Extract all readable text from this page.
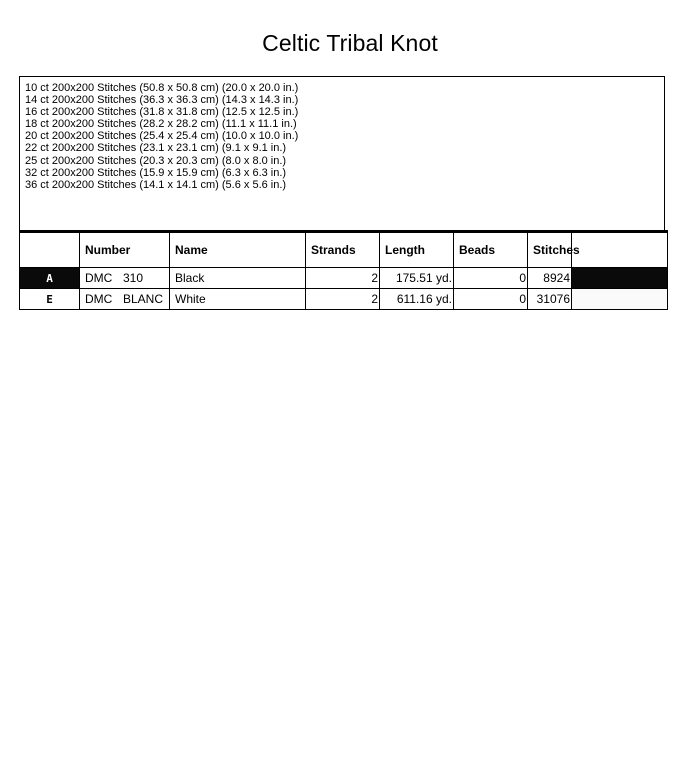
Celtic Tribal Knot
10 ct 200x200 Stitches (50.8 x 50.8 cm) (20.0 x 20.0 in.)
14 ct 200x200 Stitches (36.3 x 36.3 cm) (14.3 x 14.3 in.)
16 ct 200x200 Stitches (31.8 x 31.8 cm) (12.5 x 12.5 in.)
18 ct 200x200 Stitches (28.2 x 28.2 cm) (11.1 x 11.1 in.)
20 ct 200x200 Stitches (25.4 x 25.4 cm) (10.0 x 10.0 in.)
22 ct 200x200 Stitches (23.1 x 23.1 cm) (9.1 x 9.1 in.)
25 ct 200x200 Stitches (20.3 x 20.3 cm) (8.0 x 8.0 in.)
32 ct 200x200 Stitches (15.9 x 15.9 cm) (6.3 x 6.3 in.)
36 ct 200x200 Stitches (14.1 x 14.1 cm) (5.6 x 5.6 in.)
	Number	Name	Strands	Length	Beads	Stitches	
A	DMC 310	Black	2	175.51 yd.	0	8924	
E	DMC BLANC	White	2	611.16 yd.	0	31076	
